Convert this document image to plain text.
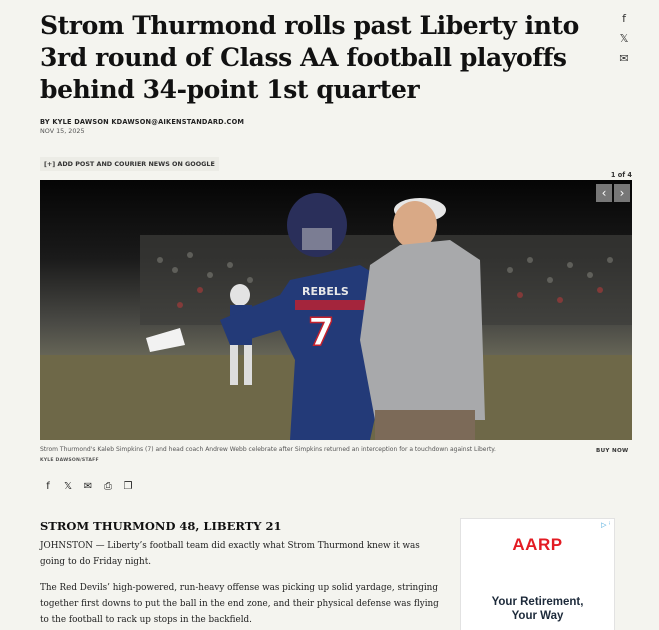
Strom Thurmond rolls past Liberty into 3rd round of Class AA football playoffs behind 34-point 1st quarter
f
𝕏
✉
BY KYLE DAWSON KDAWSON@AIKENSTANDARD.COM
NOV 15, 2025
[+] ADD POST AND COURIER NEWS ON GOOGLE
1 of 4
REBELS
7
‹	›
Strom Thurmond's Kaleb Simpkins (7) and head coach Andrew Webb celebrate after Simpkins returned an interception for a touchdown against Liberty.
KYLE DAWSON/STAFF
BUY NOW
f	𝕏 ✉ ⎙ ❐
STROM THURMOND 48, LIBERTY 21

JOHNSTON — Liberty’s football team did exactly what Strom Thurmond knew it was going to do Friday night.

The Red Devils’ high-powered, run-heavy offense was picking up solid yardage, stringing together first downs to put the ball in the end zone, and their physical defense was flying to the football to rack up stops in the backfield.

▷ ⁱ
AARP
Your Retirement,
Your Way
